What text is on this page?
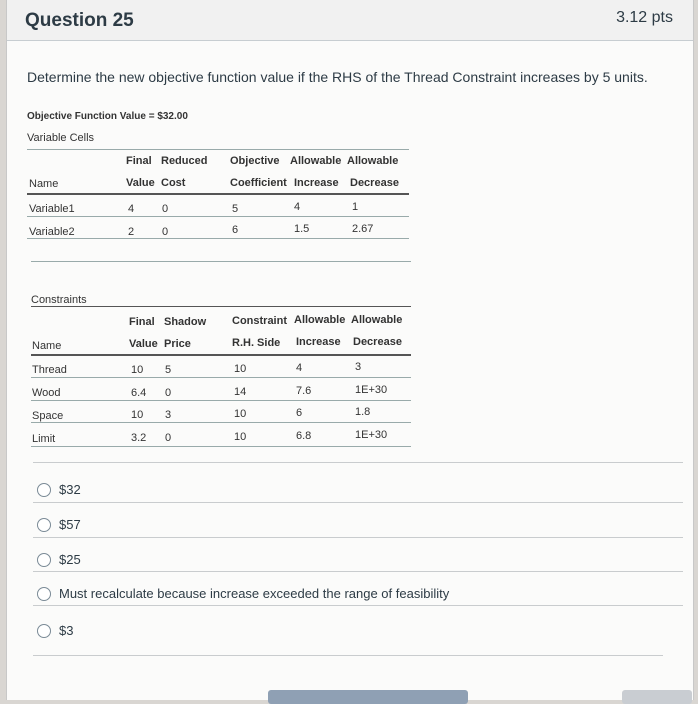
Question 25	3.12 pts
Determine the new objective function value if the RHS of the Thread Constraint increases by 5 units.
Objective Function Value = $32.00
Variable Cells
Final Reduced Objective Allowable Allowable
Name	Value Cost	Coefficient Increase Decrease
Variable1	4	0	5	4	1
Variable2	2	0	6	1.5	2.67
Constraints
Final Shadow Constraint Allowable Allowable
Name	Value Price	R.H. Side Increase Decrease
Thread	10 5	10	4	3
Wood	6.4 0	14	7.6	1E+30
Space	10 3	10	6	1.8
Limit	3.2 0	10	6.8	1E+30
$32
$57
$25
Must recalculate because increase exceeded the range of feasibility
$3
